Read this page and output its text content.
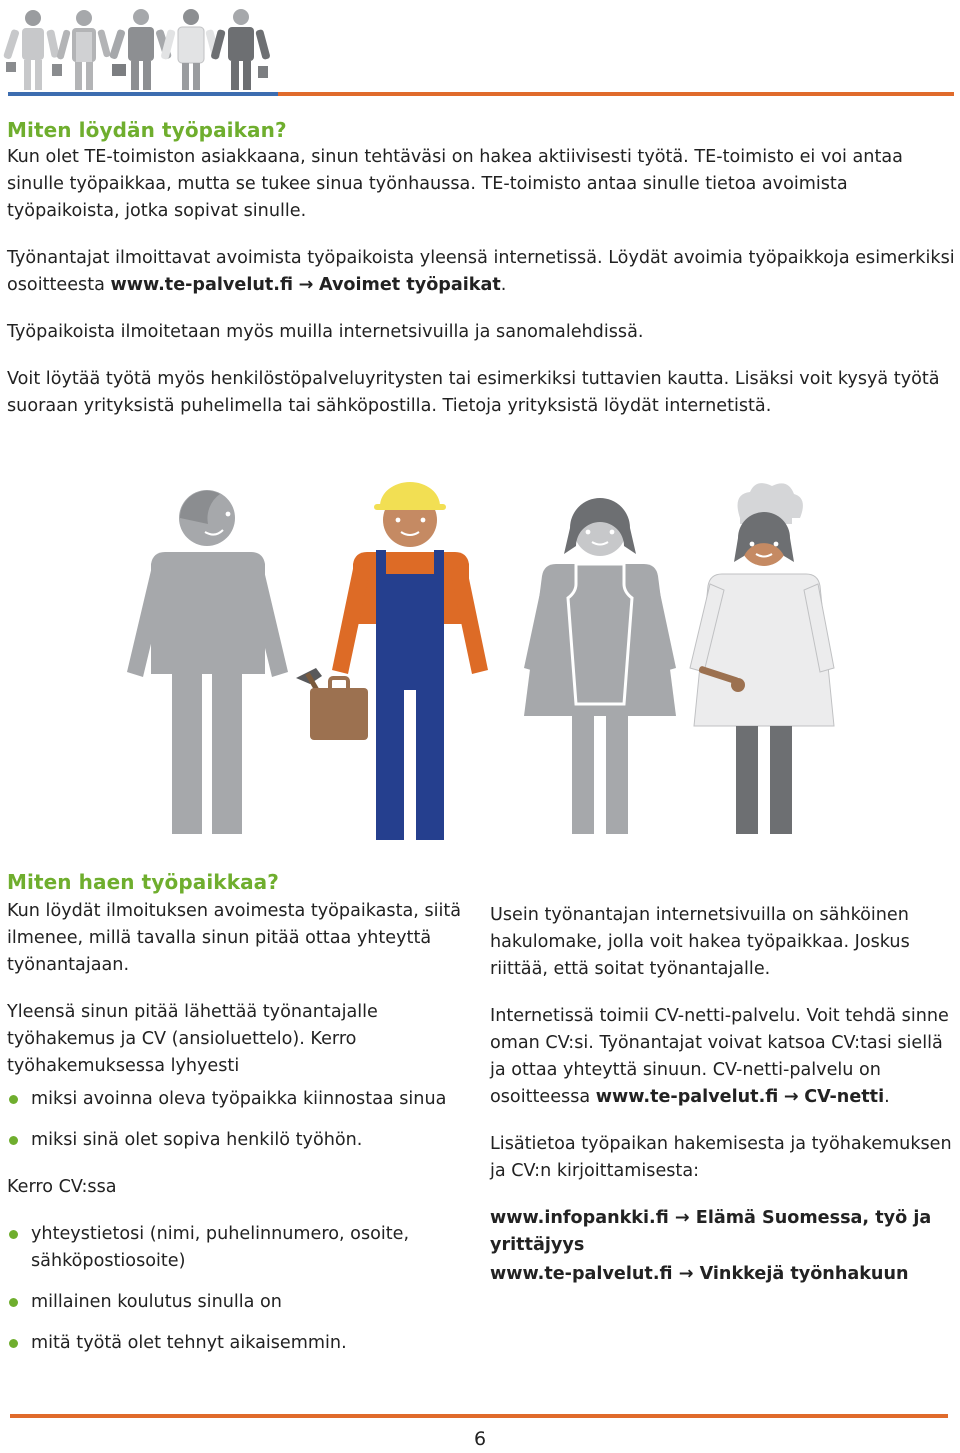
Miten löydän työpaikan?

Kun olet TE-toimiston asiakkaana, sinun tehtäväsi on hakea aktiivisesti työtä. TE-toimisto ei voi antaa sinulle työpaikkaa, mutta se tukee sinua työnhaussa. TE-toimisto antaa sinulle tietoa avoimista työpaikoista, jotka sopivat sinulle.

Työnantajat ilmoittavat avoimista työpaikoista yleensä internetissä. Löydät avoimia työpaikkoja esimerkiksi osoitteesta www.te-palvelut.fi → Avoimet työpaikat.

Työpaikoista ilmoitetaan myös muilla internetsivuilla ja sanomalehdissä.

Voit löytää työtä myös henkilöstöpalveluyritysten tai esimerkiksi tuttavien kautta. Lisäksi voit kysyä työtä suoraan yrityksistä puhelimella tai sähköpostilla. Tietoja yrityksistä löydät internetistä.

Miten haen työpaikkaa?

Kun löydät ilmoituksen avoimesta työpaikasta, siitä ilmenee, millä tavalla sinun pitää ottaa yhteyttä työnantajaan.

Yleensä sinun pitää lähettää työnantajalle työhakemus ja CV (ansioluettelo). Kerro työhakemuksessa lyhyesti

miksi avoinna oleva työpaikka kiinnostaa sinua
miksi sinä olet sopiva henkilö työhön.

Kerro CV:ssa

yhteystietosi (nimi, puhelinnumero, osoite, sähköpostiosoite)
millainen koulutus sinulla on
mitä työtä olet tehnyt aikaisemmin.

Usein työnantajan internetsivuilla on sähköinen hakulomake, jolla voit hakea työpaikkaa. Joskus riittää, että soitat työnantajalle.

Internetissä toimii CV-netti-palvelu. Voit tehdä sinne oman CV:si. Työnantajat voivat katsoa CV:tasi siellä ja ottaa yhteyttä sinuun. CV-netti-palvelu on osoitteessa www.te-palvelut.fi → CV-netti.

Lisätietoa työpaikan hakemisesta ja työhakemuksen ja CV:n kirjoittamisesta:

www.infopankki.fi → Elämä Suomessa, työ ja yrittäjyys
www.te-palvelut.fi → Vinkkejä työnhakuun
6
